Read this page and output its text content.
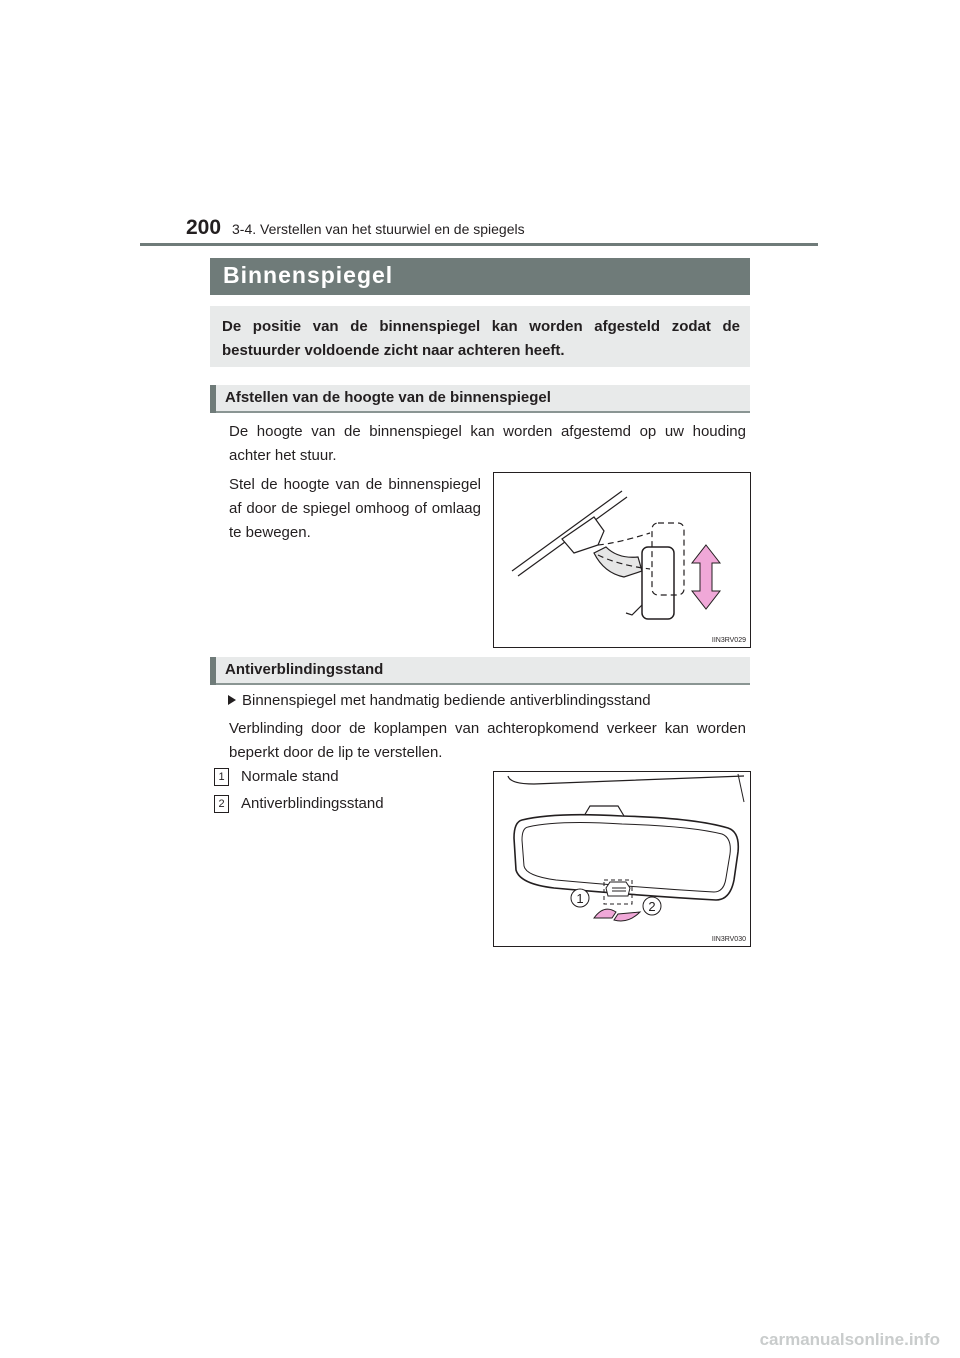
200 3-4. Verstellen van het stuurwiel en de spiegels
Binnenspiegel
De positie van de binnenspiegel kan worden afgesteld zodat de bestuurder voldoende zicht naar achteren heeft.
Afstellen van de hoogte van de binnenspiegel
De hoogte van de binnenspiegel kan worden afgestemd op uw houding achter het stuur.
Stel de hoogte van de binnenspiegel af door de spiegel omhoog of omlaag te bewegen.
IIN3RV029
Antiverblindingsstand
Binnenspiegel met handmatig bediende antiverblindingsstand
Verblinding door de koplampen van achteropkomend verkeer kan worden beperkt door de lip te verstellen.
1 Normale stand
2 Antiverblindingsstand
1
2
IIN3RV030
carmanualsonline.info
